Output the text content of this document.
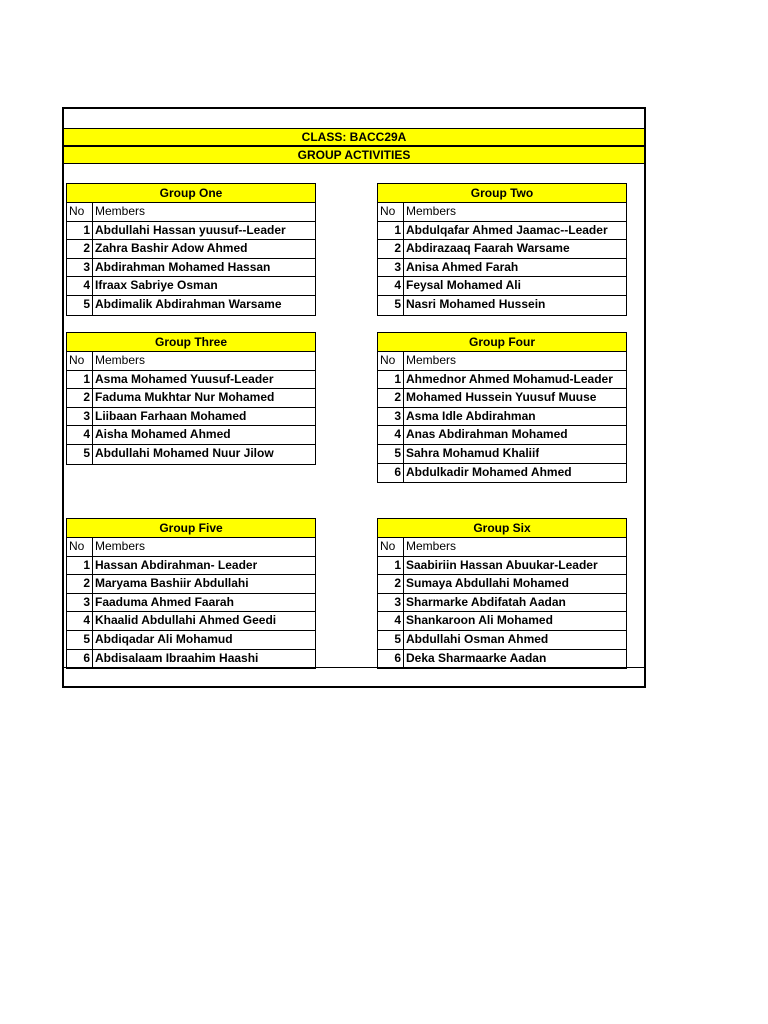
CLASS: BACC29A
GROUP ACTIVITIES
Group One
No Members
1 Abdullahi Hassan yuusuf--Leader
2 Zahra Bashir Adow Ahmed
3 Abdirahman Mohamed Hassan
4 Ifraax Sabriye Osman
5 Abdimalik Abdirahman Warsame
Group Two
No Members
1 Abdulqafar Ahmed Jaamac--Leader
2 Abdirazaaq Faarah Warsame
3 Anisa Ahmed Farah
4 Feysal Mohamed Ali
5 Nasri Mohamed Hussein
Group Three
No Members
1 Asma Mohamed Yuusuf-Leader
2 Faduma Mukhtar Nur Mohamed
3 Liibaan Farhaan Mohamed
4 Aisha Mohamed Ahmed
5 Abdullahi Mohamed Nuur Jilow
Group Four
No Members
1 Ahmednor Ahmed Mohamud-Leader
2 Mohamed Hussein Yuusuf Muuse
3 Asma Idle Abdirahman
4 Anas Abdirahman Mohamed
5 Sahra Mohamud Khaliif
6 Abdulkadir Mohamed Ahmed
Group Five
No Members
1 Hassan Abdirahman- Leader
2 Maryama Bashiir Abdullahi
3 Faaduma Ahmed Faarah
4 Khaalid Abdullahi Ahmed Geedi
5 Abdiqadar Ali Mohamud
6 Abdisalaam Ibraahim Haashi
Group Six
No Members
1 Saabiriin Hassan Abuukar-Leader
2 Sumaya Abdullahi Mohamed
3 Sharmarke Abdifatah Aadan
4 Shankaroon Ali Mohamed
5 Abdullahi Osman Ahmed
6 Deka Sharmaarke Aadan
